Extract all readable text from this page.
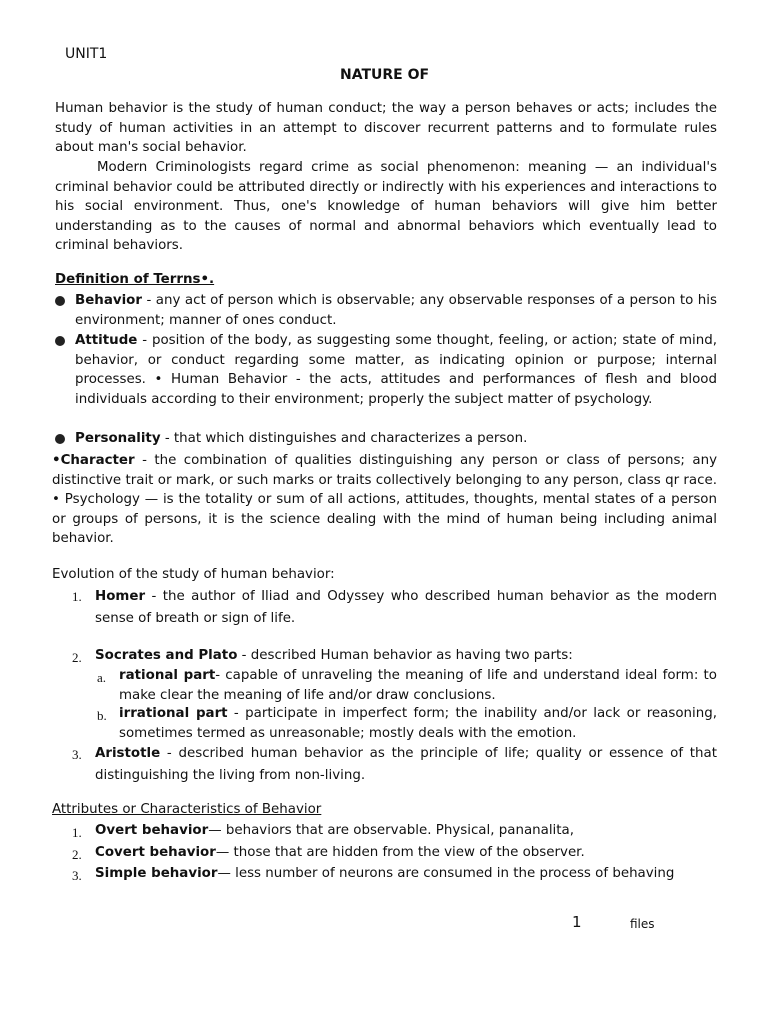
UNIT1
NATURE OF

Human behavior is the study of human conduct; the way a person behaves or acts; includes the study of human activities in an attempt to discover recurrent patterns and to formulate rules about man's social behavior.

Modern Criminologists regard crime as social phenomenon: meaning — an individual's criminal behavior could be attributed directly or indirectly with his experiences and interactions to his social environment. Thus, one's knowledge of human behaviors will give him better understanding as to the causes of normal and abnormal behaviors which eventually lead to criminal behaviors.

Definition of Terrns•.

Behavior - any act of person which is observable; any observable responses of a person to his environment; manner of ones conduct.

Attitude - position of the body, as suggesting some thought, feeling, or action; state of mind, behavior, or conduct regarding some matter, as indicating opinion or purpose; internal processes. • Human Behavior - the acts, attitudes and performances of flesh and blood individuals according to their environment; properly the subject matter of psychology.

Personality - that which distinguishes and characterizes a person.

•Character - the combination of qualities distinguishing any person or class of persons; any distinctive trait or mark, or such marks or traits collectively belonging to any person, class qr race. • Psychology — is the totality or sum of all actions, attitudes, thoughts, mental states of a person or groups of persons, it is the science dealing with the mind of human being including animal behavior.

Evolution of the study of human behavior:
1. Homer - the author of Iliad and Odyssey who described human behavior as the modern sense of breath or sign of life.

2. Socrates and Plato - described Human behavior as having two parts:

a. rational part- capable of unraveling the meaning of life and understand ideal form: to make clear the meaning of life and/or draw conclusions.

b. irrational part - participate in imperfect form; the inability and/or lack or reasoning, sometimes termed as unreasonable; mostly deals with the emotion.

3. Aristotle - described human behavior as the principle of life; quality or essence of that distinguishing the living from non-living.

Attributes or Characteristics of Behavior
1. Overt behavior— behaviors that are observable. Physical, pananalita,

2. Covert behavior— those that are hidden from the view of the observer.

3. Simple behavior— less number of neurons are consumed in the process of behaving

1	files
